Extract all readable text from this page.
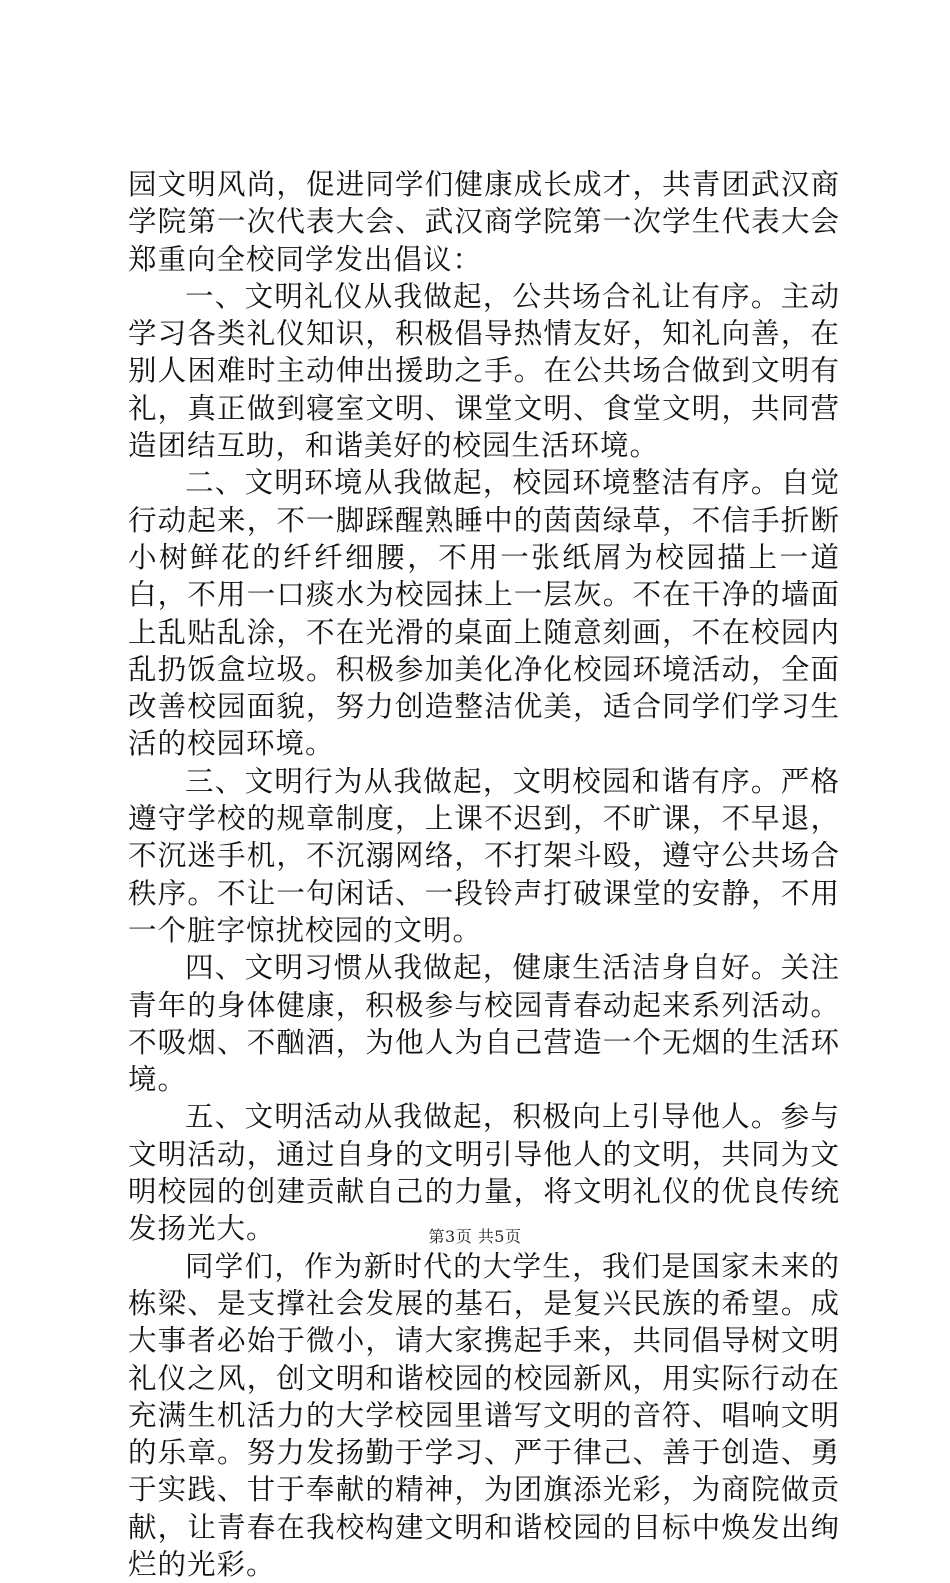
园文明风尚，促进同学们健康成长成才，共青团武汉商学院第一次代表大会、武汉商学院第一次学生代表大会郑重向全校同学发出倡议：

一、文明礼仪从我做起，公共场合礼让有序。主动学习各类礼仪知识，积极倡导热情友好，知礼向善，在别人困难时主动伸出援助之手。在公共场合做到文明有礼，真正做到寝室文明、课堂文明、食堂文明，共同营造团结互助，和谐美好的校园生活环境。

二、文明环境从我做起，校园环境整洁有序。自觉行动起来，不一脚踩醒熟睡中的茵茵绿草，不信手折断小树鲜花的纤纤细腰，不用一张纸屑为校园描上一道白，不用一口痰水为校园抹上一层灰。不在干净的墙面上乱贴乱涂，不在光滑的桌面上随意刻画，不在校园内乱扔饭盒垃圾。积极参加美化净化校园环境活动，全面改善校园面貌，努力创造整洁优美，适合同学们学习生活的校园环境。

三、文明行为从我做起，文明校园和谐有序。严格遵守学校的规章制度，上课不迟到，不旷课，不早退，不沉迷手机，不沉溺网络，不打架斗殴，遵守公共场合秩序。不让一句闲话、一段铃声打破课堂的安静，不用一个脏字惊扰校园的文明。

四、文明习惯从我做起，健康生活洁身自好。关注青年的身体健康，积极参与校园青春动起来系列活动。不吸烟、不酗酒，为他人为自己营造一个无烟的生活环境。

五、文明活动从我做起，积极向上引导他人。参与文明活动，通过自身的文明引导他人的文明，共同为文明校园的创建贡献自己的力量，将文明礼仪的优良传统发扬光大。

同学们，作为新时代的大学生，我们是国家未来的栋梁、是支撑社会发展的基石，是复兴民族的希望。成大事者必始于微小，请大家携起手来，共同倡导树文明礼仪之风，创文明和谐校园的校园新风，用实际行动在充满生机活力的大学校园里谱写文明的音符、唱响文明的乐章。努力发扬勤于学习、严于律己、善于创造、勇于实践、甘于奉献的精神，为团旗添光彩，为商院做贡献，让青春在我校构建文明和谐校园的目标中焕发出绚烂的光彩。

第3页 共5页
